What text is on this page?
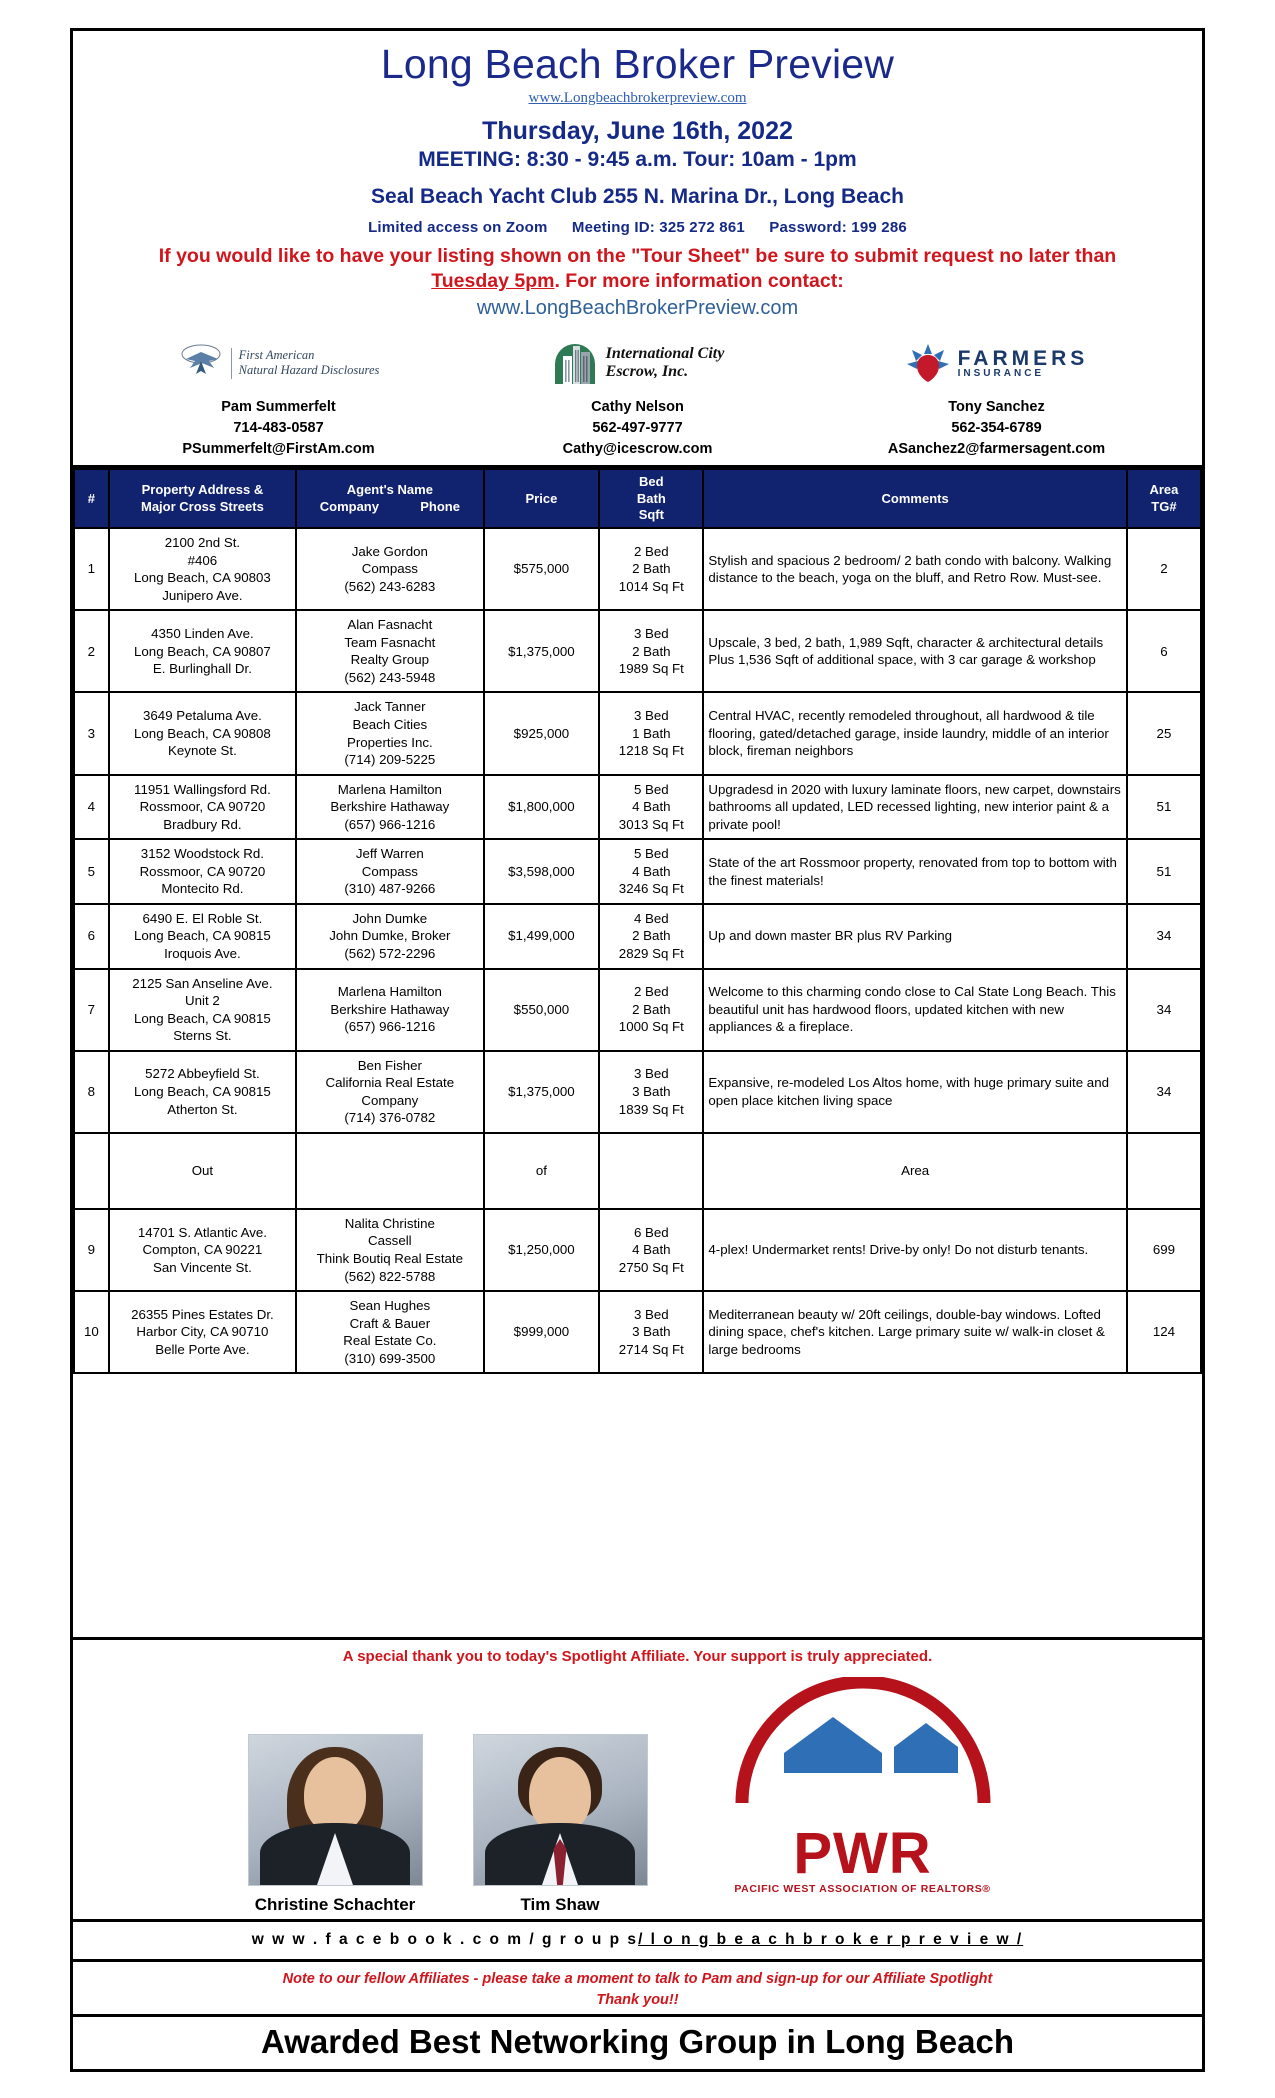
Long Beach Broker Preview
www.Longbeachbrokerpreview.com
Thursday, June 16th, 2022
MEETING: 8:30 - 9:45 a.m. Tour: 10am - 1pm
Seal Beach Yacht Club 255 N. Marina Dr., Long Beach
Limited access on Zoom Meeting ID: 325 272 861 Password: 199 286
If you would like to have your listing shown on the "Tour Sheet" be sure to submit request no later than
Tuesday 5pm. For more information contact:
www.LongBeachBrokerPreview.com
First American
Natural Hazard Disclosures
Pam Summerfelt
714-483-0587
PSummerfelt@FirstAm.com
International City
Escrow, Inc.
Cathy Nelson
562-497-9777
Cathy@icescrow.com
FARMERS
INSURANCE
Tony Sanchez
562-354-6789
ASanchez2@farmersagent.com
#	
Property Address &
Major Cross Streets

Agent's Name
Company	Phone
	Price	
Bed
Bath
Sqft
	Comments	
Area
TG#

1

2100 2nd St.
#406
Long Beach, CA 90803
Junipero Ave.

Jake Gordon
Compass
(562) 243-6283

$575,000

2 Bed
2 Bath
1014 Sq Ft

Stylish and spacious 2 bedroom/ 2 bath condo with balcony. Walking distance to the beach, yoga on the bluff, and Retro Row. Must-see.

2

2

4350 Linden Ave.
Long Beach, CA 90807
E. Burlinghall Dr.

Alan Fasnacht
Team Fasnacht
Realty Group
(562) 243-5948

$1,375,000

3 Bed
2 Bath
1989 Sq Ft

Upscale, 3 bed, 2 bath, 1,989 Sqft, character & architectural details Plus 1,536 Sqft of additional space, with 3 car garage & workshop

6

3

3649 Petaluma Ave.
Long Beach, CA 90808
Keynote St.

Jack Tanner
Beach Cities
Properties Inc.
(714) 209-5225

$925,000

3 Bed
1 Bath
1218 Sq Ft

Central HVAC, recently remodeled throughout, all hardwood & tile flooring, gated/detached garage, inside laundry, middle of an interior block, fireman neighbors

25

4

11951 Wallingsford Rd.
Rossmoor, CA 90720
Bradbury Rd.

Marlena Hamilton
Berkshire Hathaway
(657) 966-1216

$1,800,000

5 Bed
4 Bath
3013 Sq Ft

Upgradesd in 2020 with luxury laminate floors, new carpet, downstairs bathrooms all updated, LED recessed lighting, new interior paint & a private pool!

51

5

3152 Woodstock Rd.
Rossmoor, CA 90720
Montecito Rd.

Jeff Warren
Compass
(310) 487-9266

$3,598,000

5 Bed
4 Bath
3246 Sq Ft

State of the art Rossmoor property, renovated from top to bottom with the finest materials!

51

6

6490 E. El Roble St.
Long Beach, CA 90815
Iroquois Ave.

John Dumke
John Dumke, Broker
(562) 572-2296

$1,499,000

4 Bed
2 Bath
2829 Sq Ft

Up and down master BR plus RV Parking	34

7

2125 San Anseline Ave.
Unit 2
Long Beach, CA 90815
Sterns St.

Marlena Hamilton
Berkshire Hathaway
(657) 966-1216

$550,000

2 Bed
2 Bath
1000 Sq Ft

Welcome to this charming condo close to Cal State Long Beach. This beautiful unit has hardwood floors, updated kitchen with new appliances & a fireplace.

34

8

5272 Abbeyfield St.
Long Beach, CA 90815
Atherton St.

Ben Fisher
California Real Estate
Company
(714) 376-0782

$1,375,000

3 Bed
3 Bath
1839 Sq Ft

Expansive, re-modeled Los Altos home, with huge primary suite and open place kitchen living space

34

	Out		of		Area	

9

14701 S. Atlantic Ave.
Compton, CA 90221
San Vincente St.

Nalita Christine
Cassell
Think Boutiq Real Estate
(562) 822-5788

$1,250,000

6 Bed
4 Bath
2750 Sq Ft

4-plex! Undermarket rents! Drive-by only! Do not disturb tenants.	699

10

26355 Pines Estates Dr.
Harbor City, CA 90710
Belle Porte Ave.

Sean Hughes
Craft & Bauer
Real Estate Co.
(310) 699-3500

$999,000

3 Bed
3 Bath
2714 Sq Ft

Mediterranean beauty w/ 20ft ceilings, double-bay windows. Lofted dining space, chef's kitchen. Large primary suite w/ walk-in closet & large bedrooms

124
A special thank you to today's Spotlight Affiliate. Your support is truly appreciated.
Christine Schachter	Tim Shaw
PWR
PACIFIC WEST ASSOCIATION OF REALTORS®
w w w . f a c e b o o k . c o m / g r o u p s/ l o n g b e a c h b r o k e r p r e v i e w /
Note to our fellow Affiliates - please take a moment to talk to Pam and sign-up for our Affiliate Spotlight
Thank you!!
Awarded Best Networking Group in Long Beach
